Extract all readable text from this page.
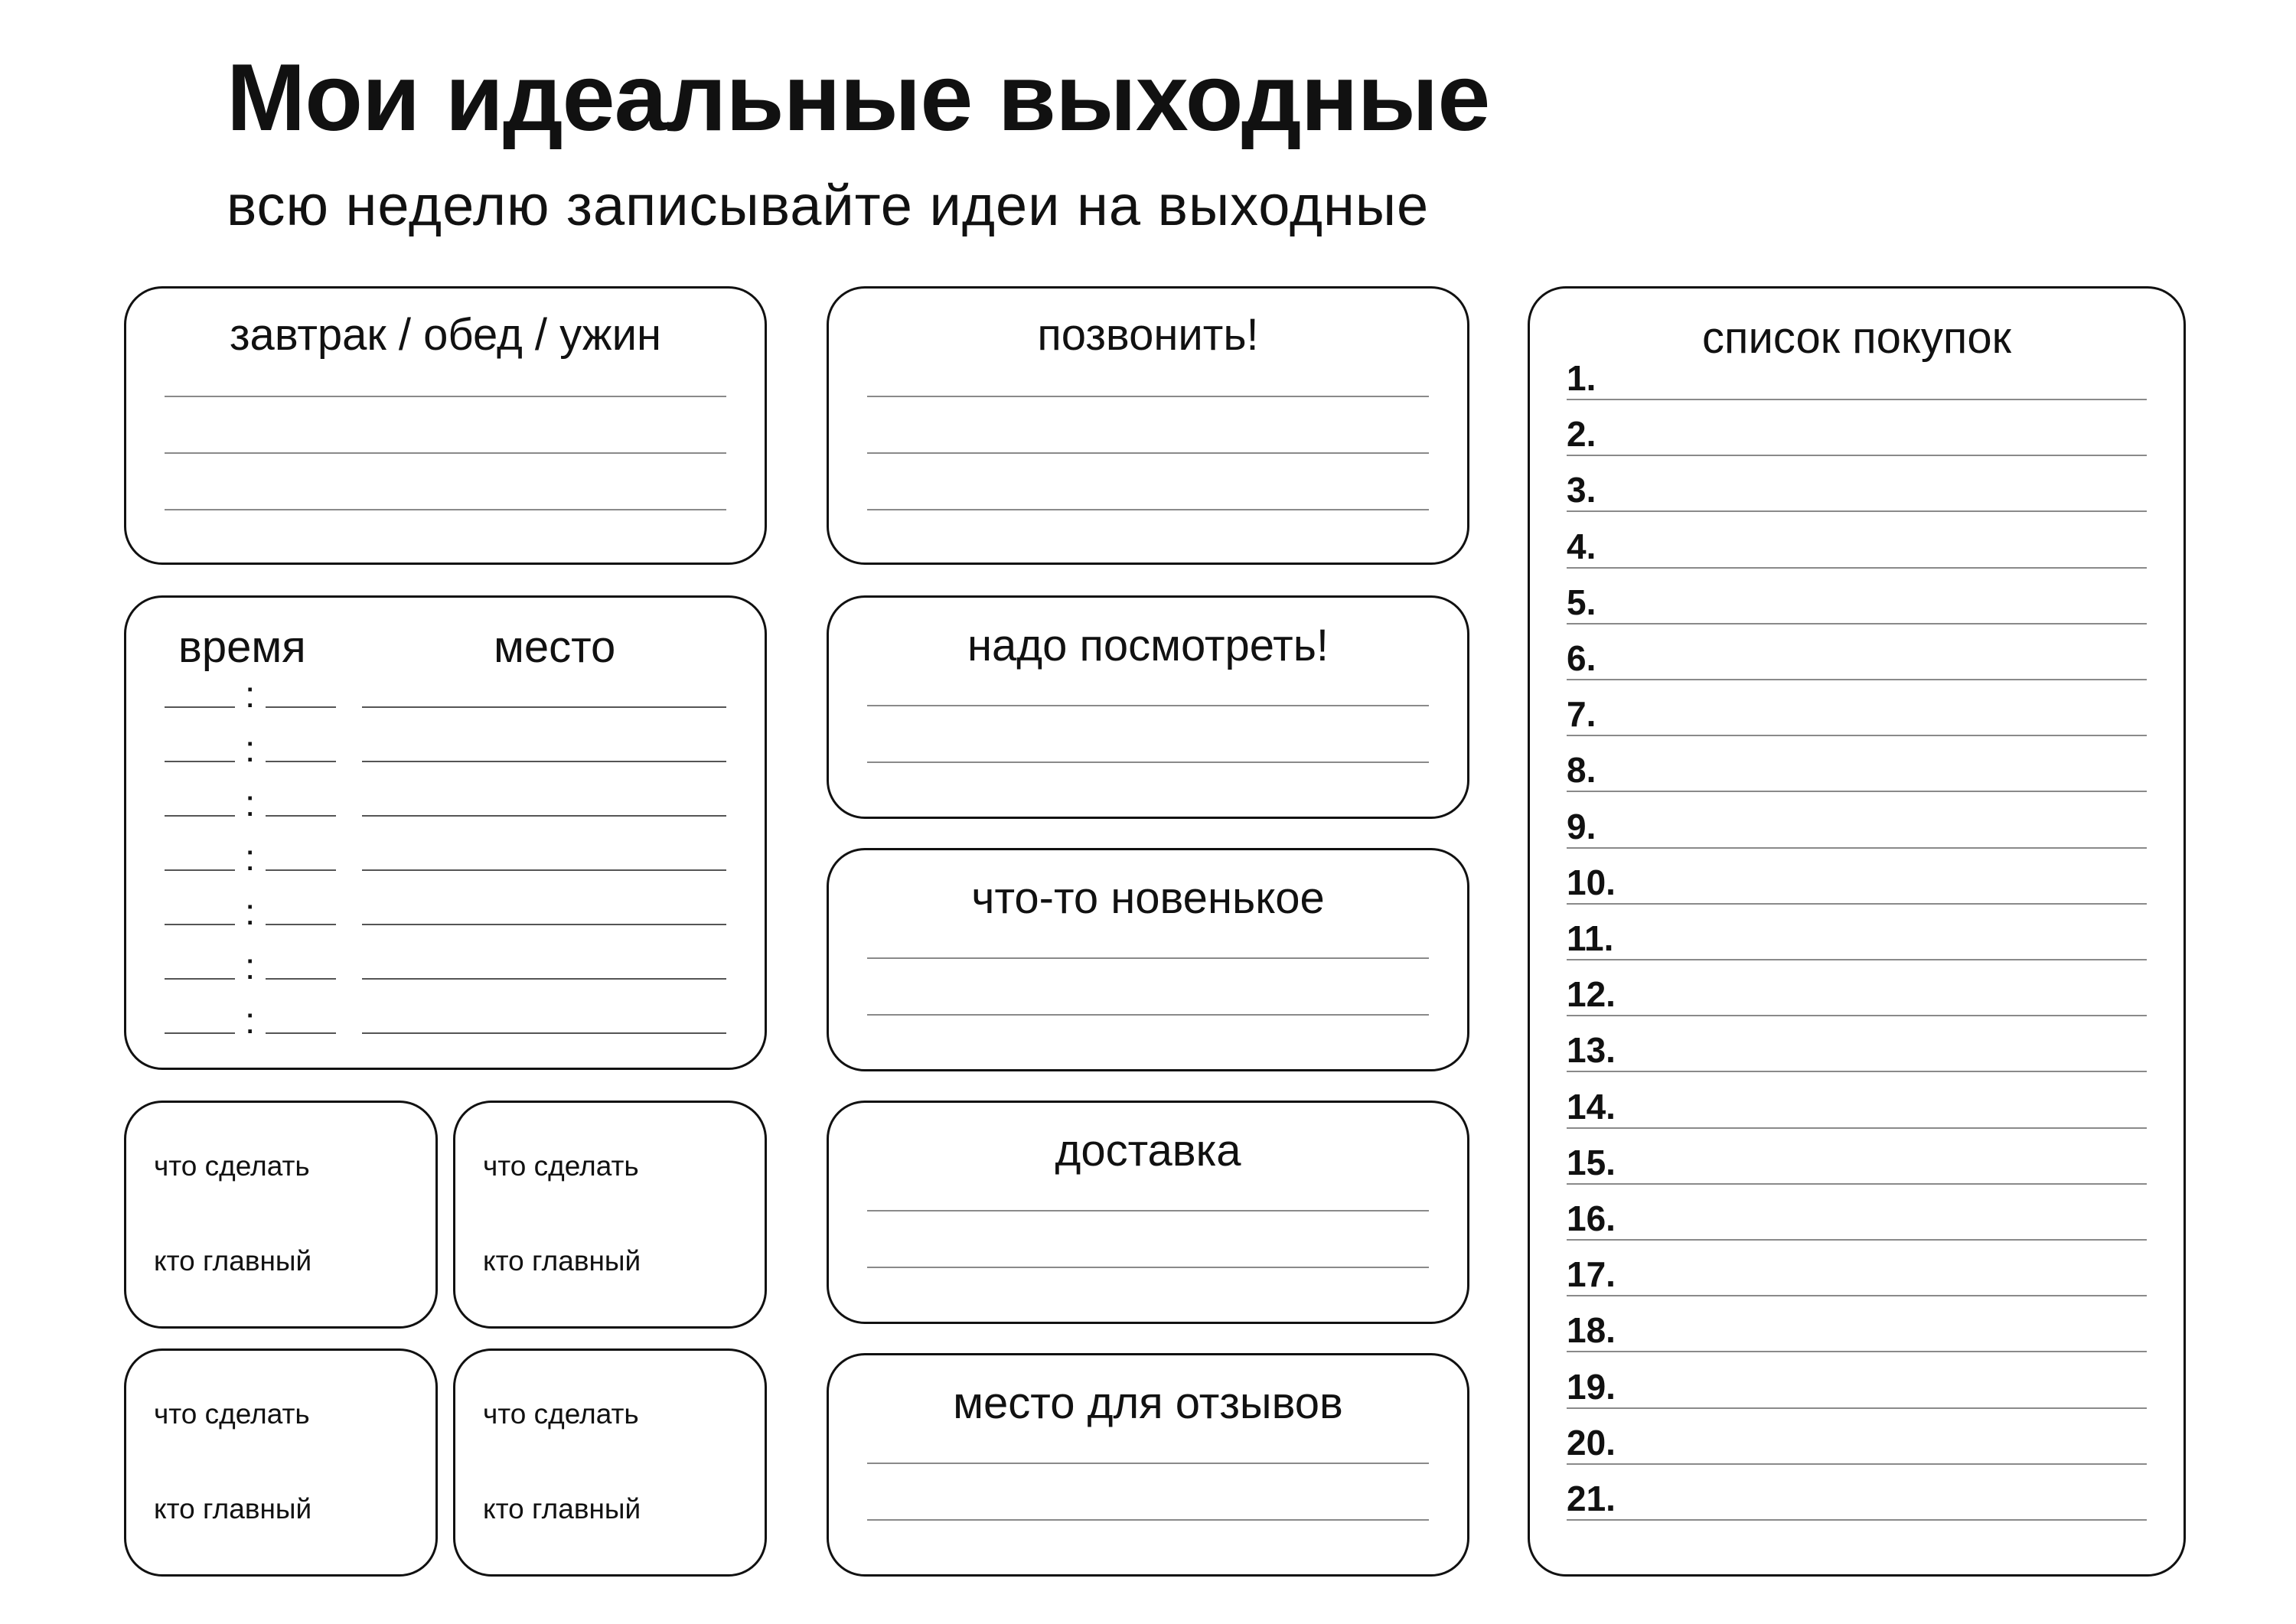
Мои идеальные выходные

всю неделю записывайте идеи на выходные

завтрак / обед / ужин
время	место
:
:
:
:
:
:
:
что сделать
кто главный
что сделать
кто главный
что сделать
кто главный
что сделать
кто главный
позвонить!
надо посмотреть!
что-то новенькое
доставка
место для отзывов
список покупок
1.
2.
3.
4.
5.
6.
7.
8.
9.
10.
11.
12.
13.
14.
15.
16.
17.
18.
19.
20.
21.
